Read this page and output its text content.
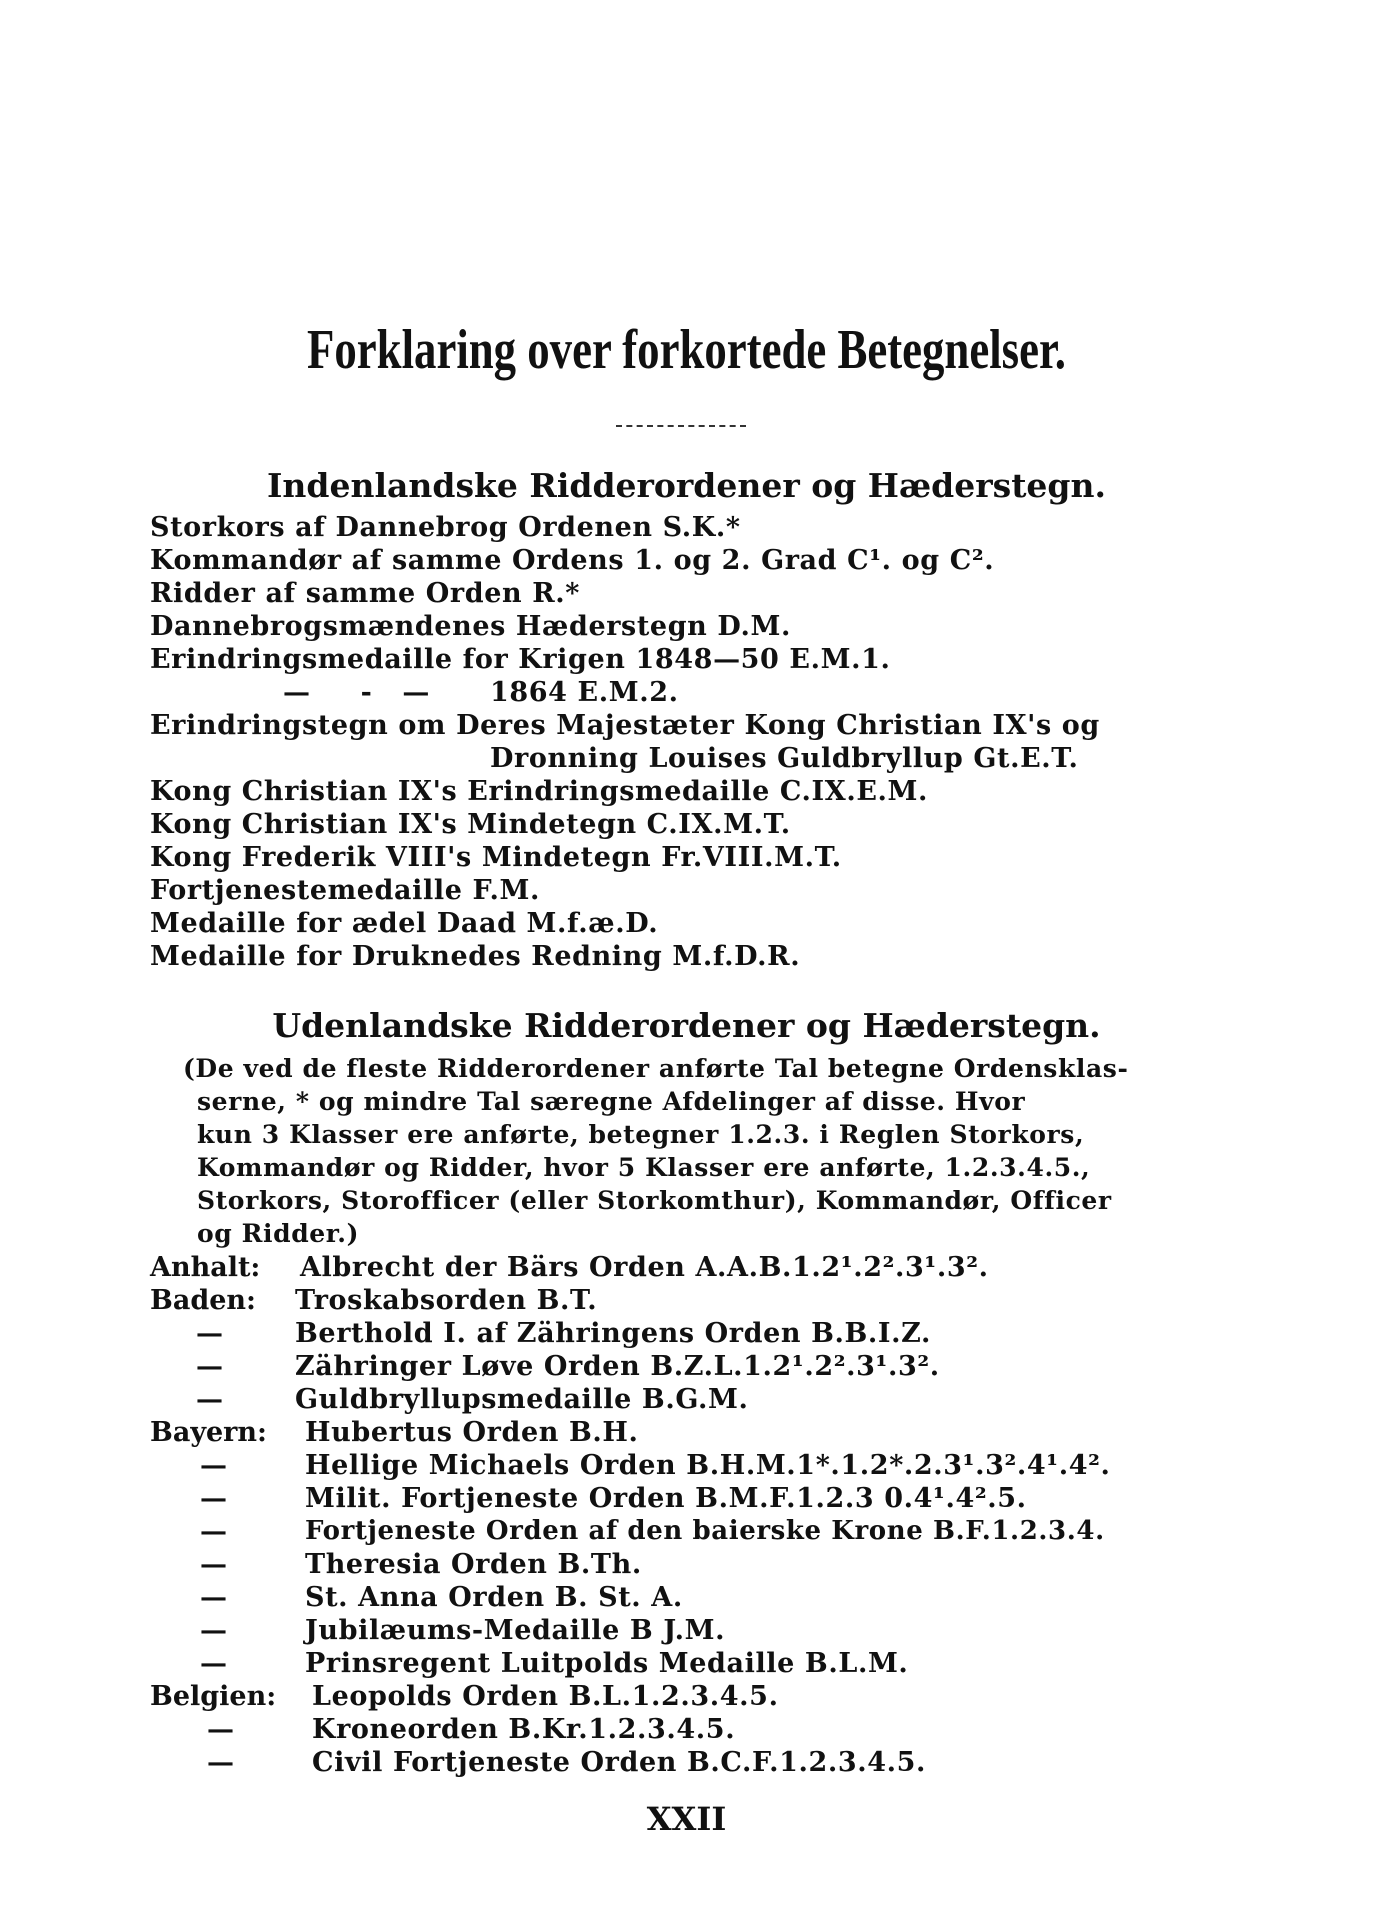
Forklaring over forkortede Betegnelser.
Indenlandske Ridderordener og Hæderstegn.
Storkors af Dannebrog Ordenen S.K.*
Kommandør af samme Ordens 1. og 2. Grad C¹. og C².
Ridder af samme Orden R.*
Dannebrogsmændenes Hæderstegn D.M.
Erindringsmedaille for Krigen 1848—50 E.M.1.
—     -   —      1864 E.M.2.
Erindringstegn om Deres Majestæter Kong Christian IX's og
Dronning Louises Guldbryllup Gt.E.T.
Kong Christian IX's Erindringsmedaille C.IX.E.M.
Kong Christian IX's Mindetegn C.IX.M.T.
Kong Frederik VIII's Mindetegn Fr.VIII.M.T.
Fortjenestemedaille F.M.
Medaille for ædel Daad M.f.æ.D.
Medaille for Druknedes Redning M.f.D.R.
Udenlandske Ridderordener og Hæderstegn.
(De ved de fleste Ridderordener anførte Tal betegne Ordensklas-
serne, * og mindre Tal særegne Afdelinger af disse. Hvor
kun 3 Klasser ere anførte, betegner 1.2.3. i Reglen Storkors,
Kommandør og Ridder, hvor 5 Klasser ere anførte, 1.2.3.4.5.,
Storkors, Storofficer (eller Storkomthur), Kommandør, Officer
og Ridder.)
Anhalt: Albrecht der Bärs Orden A.A.B.1.2¹.2².3¹.3².
Baden: Troskabsorden B.T.
—	Berthold I. af Zähringens Orden B.B.I.Z.
—	Zähringer Løve Orden B.Z.L.1.2¹.2².3¹.3².
—	Guldbryllupsmedaille B.G.M.
Bayern: Hubertus Orden B.H.
—	Hellige Michaels Orden B.H.M.1*.1.2*.2.3¹.3².4¹.4².
—	Milit. Fortjeneste Orden B.M.F.1.2.3 0.4¹.4².5.
—	Fortjeneste Orden af den baierske Krone B.F.1.2.3.4.
—	Theresia Orden B.Th.
—	St. Anna Orden B. St. A.
—	Jubilæums-Medaille B J.M.
—	Prinsregent Luitpolds Medaille B.L.M.
Belgien: Leopolds Orden B.L.1.2.3.4.5.
—	Kroneorden B.Kr.1.2.3.4.5.
—	Civil Fortjeneste Orden B.C.F.1.2.3.4.5.
XXII
